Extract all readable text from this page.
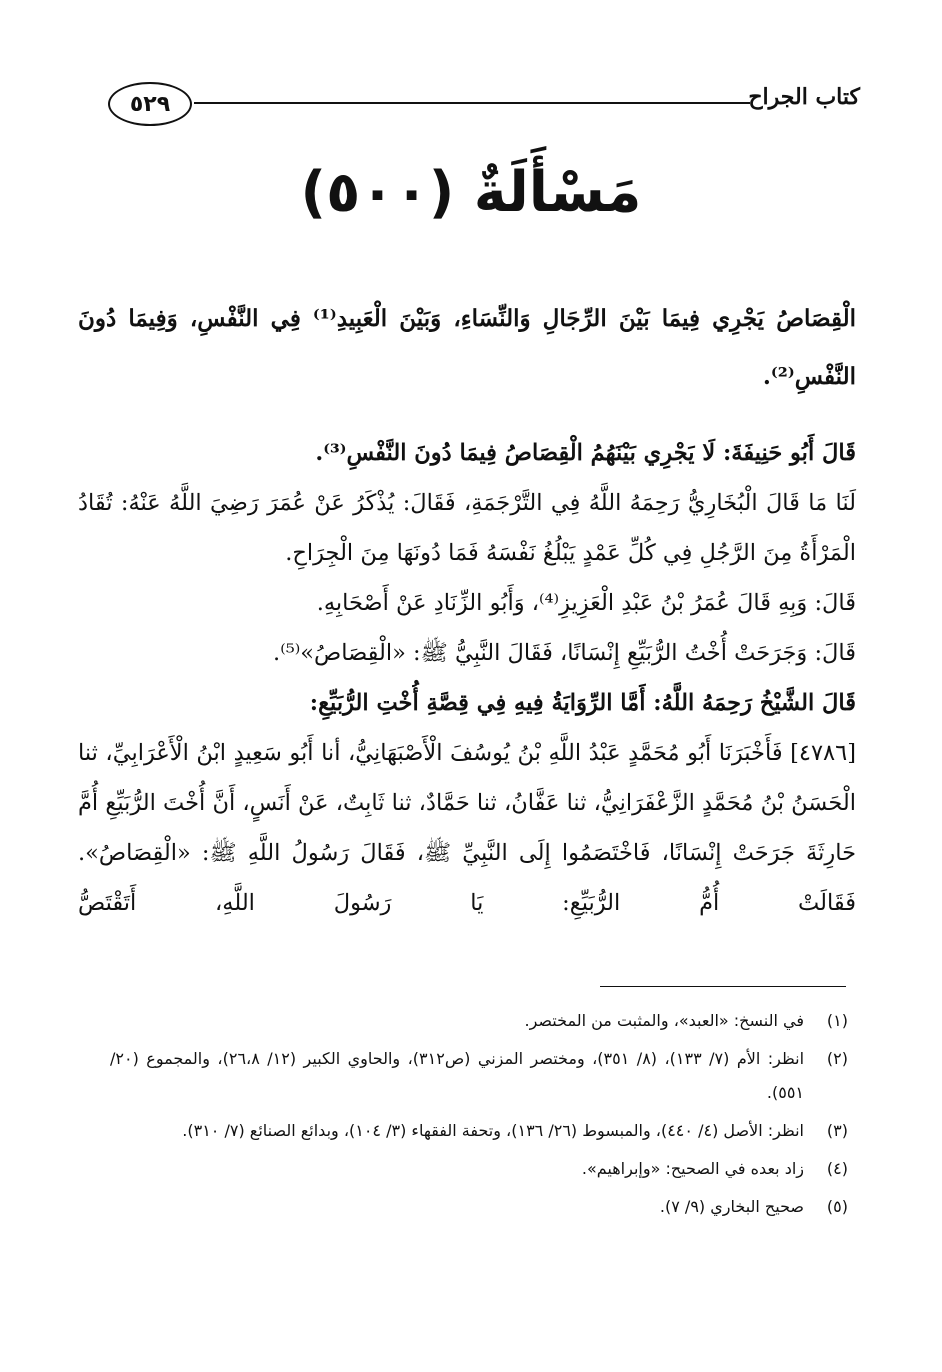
٥٢٩	كتاب الجراح
مَسْأَلَةٌ (٥٠٠)
الْقِصَاصُ يَجْرِي فِيمَا بَيْنَ الرِّجَالِ وَالنِّسَاءِ، وَبَيْنَ الْعَبِيدِ⁽¹⁾ فِي النَّفْسِ، وَفِيمَا دُونَ النَّفْسِ⁽²⁾.

قَالَ أَبُو حَنِيفَةَ: لَا يَجْرِي بَيْنَهُمُ الْقِصَاصُ فِيمَا دُونَ النَّفْسِ⁽³⁾.

لَنَا مَا قَالَ الْبُخَارِيُّ رَحِمَهُ اللَّهُ فِي التَّرْجَمَةِ، فَقَالَ: يُذْكَرُ عَنْ عُمَرَ رَضِيَ اللَّهُ عَنْهُ: تُقَادُ الْمَرْأَةُ مِنَ الرَّجُلِ فِي كُلِّ عَمْدٍ يَبْلُغُ نَفْسَهُ فَمَا دُونَهَا مِنَ الْجِرَاحِ.

قَالَ: وَبِهِ قَالَ عُمَرُ بْنُ عَبْدِ الْعَزِيزِ⁽⁴⁾، وَأَبُو الزِّنَادِ عَنْ أَصْحَابِهِ.

قَالَ: وَجَرَحَتْ أُخْتُ الرُّبَيِّعِ إِنْسَانًا، فَقَالَ النَّبِيُّ ﷺ: «الْقِصَاصُ»⁽⁵⁾.

قَالَ الشَّيْخُ رَحِمَهُ اللَّهُ: أَمَّا الرِّوَايَةُ فِيهِ فِي قِصَّةِ أُخْتِ الرُّبَيِّعِ:

[٤٧٨٦] فَأَخْبَرَنَا أَبُو مُحَمَّدٍ عَبْدُ اللَّهِ بْنُ يُوسُفَ الْأَصْبَهَانِيُّ، أنا أَبُو سَعِيدٍ ابْنُ الْأَعْرَابِيِّ، ثنا الْحَسَنُ بْنُ مُحَمَّدٍ الزَّعْفَرَانِيُّ، ثنا عَفَّانُ، ثنا حَمَّادٌ، ثنا ثَابِتٌ، عَنْ أَنَسٍ، أَنَّ أُخْتَ الرُّبَيِّعِ أُمَّ حَارِثَةَ جَرَحَتْ إِنْسَانًا، فَاخْتَصَمُوا إِلَى النَّبِيِّ ﷺ، فَقَالَ رَسُولُ اللَّهِ ﷺ: «الْقِصَاصُ». فَقَالَتْ أُمُّ الرُّبَيِّعِ: يَا رَسُولَ اللَّهِ، أَتَقْتَصُّ

(١)
في النسخ: «العبد»، والمثبت من المختصر.
(٢)
انظر: الأم (٧/ ١٣٣)، (٨/ ٣٥١)، ومختصر المزني (ص٣١٢)، والحاوي الكبير (١٢/ ٢٦،٨)، والمجموع (٢٠/ ٥٥١).
(٣)
انظر: الأصل (٤/ ٤٤٠)، والمبسوط (٢٦/ ١٣٦)، وتحفة الفقهاء (٣/ ١٠٤)، وبدائع الصنائع (٧/ ٣١٠).
(٤)
زاد بعده في الصحيح: «وإبراهيم».
(٥)
صحيح البخاري (٩/ ٧).
